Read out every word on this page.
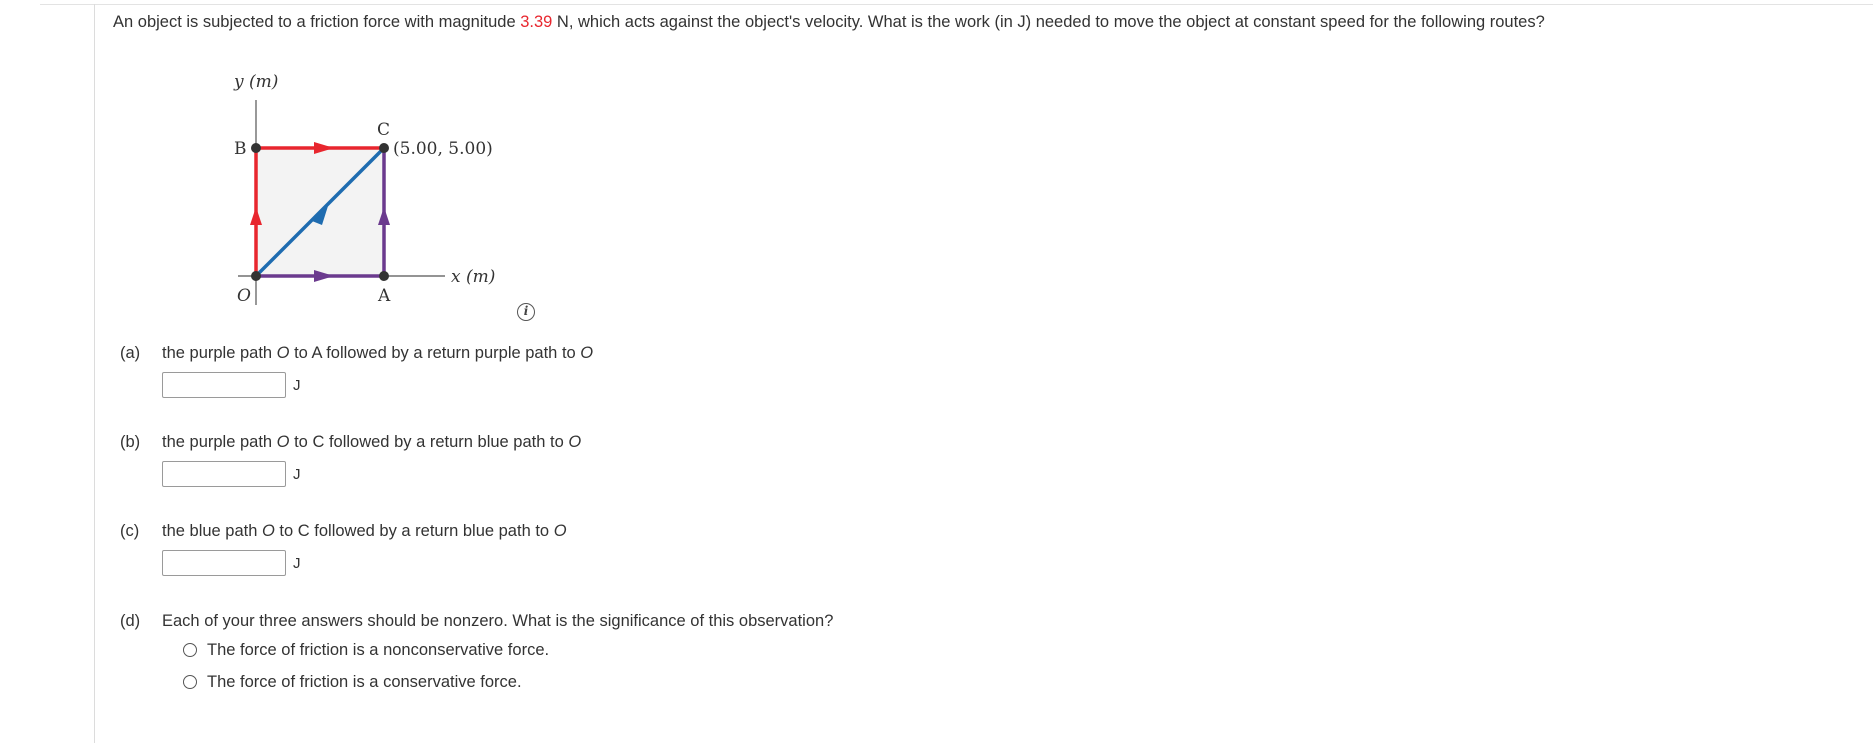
An object is subjected to a friction force with magnitude 3.39 N, which acts against the object's velocity. What is the work (in J) needed to move the object at constant speed for the following routes?
y (m)
x (m)
B
C
A
O
(5.00, 5.00)
i
(a) the purple path O to A followed by a return purple path to O
J
(b) the purple path O to C followed by a return blue path to O
J
(c) the blue path O to C followed by a return blue path to O
J
(d) Each of your three answers should be nonzero. What is the significance of this observation?
The force of friction is a nonconservative force.
The force of friction is a conservative force.
